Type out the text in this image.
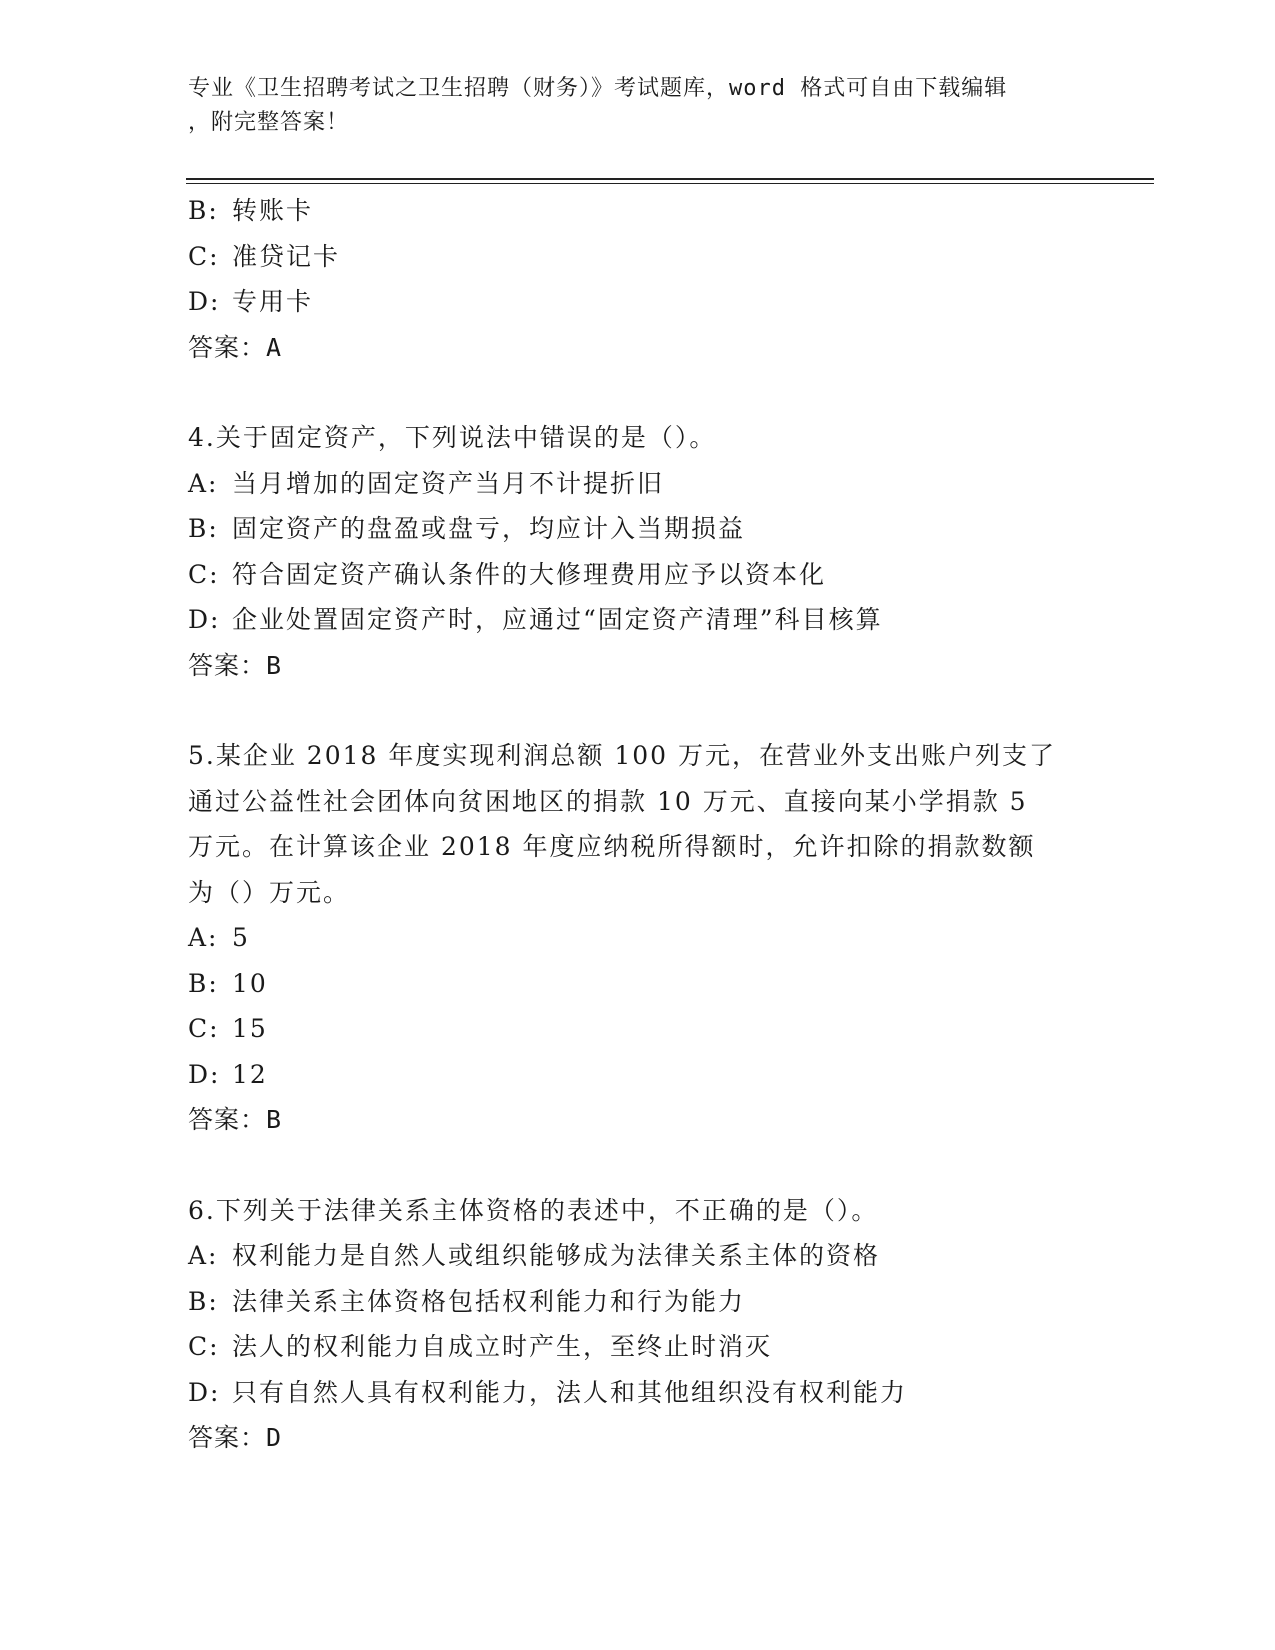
专业《卫生招聘考试之卫生招聘（财务）》考试题库，word 格式可自由下载编辑
，附完整答案！
B: 转账卡
C: 准贷记卡
D: 专用卡
答案：A
4.关于固定资产，下列说法中错误的是（）。
A: 当月增加的固定资产当月不计提折旧
B: 固定资产的盘盈或盘亏，均应计入当期损益
C: 符合固定资产确认条件的大修理费用应予以资本化
D: 企业处置固定资产时，应通过“固定资产清理”科目核算
答案：B
5.某企业 2018 年度实现利润总额 100 万元，在营业外支出账户列支了
通过公益性社会团体向贫困地区的捐款 10 万元、直接向某小学捐款 5
万元。在计算该企业 2018 年度应纳税所得额时，允许扣除的捐款数额
为（）万元。
A: 5
B: 10
C: 15
D: 12
答案：B
6.下列关于法律关系主体资格的表述中，不正确的是（）。
A: 权利能力是自然人或组织能够成为法律关系主体的资格
B: 法律关系主体资格包括权利能力和行为能力
C: 法人的权利能力自成立时产生，至终止时消灭
D: 只有自然人具有权利能力，法人和其他组织没有权利能力
答案：D
